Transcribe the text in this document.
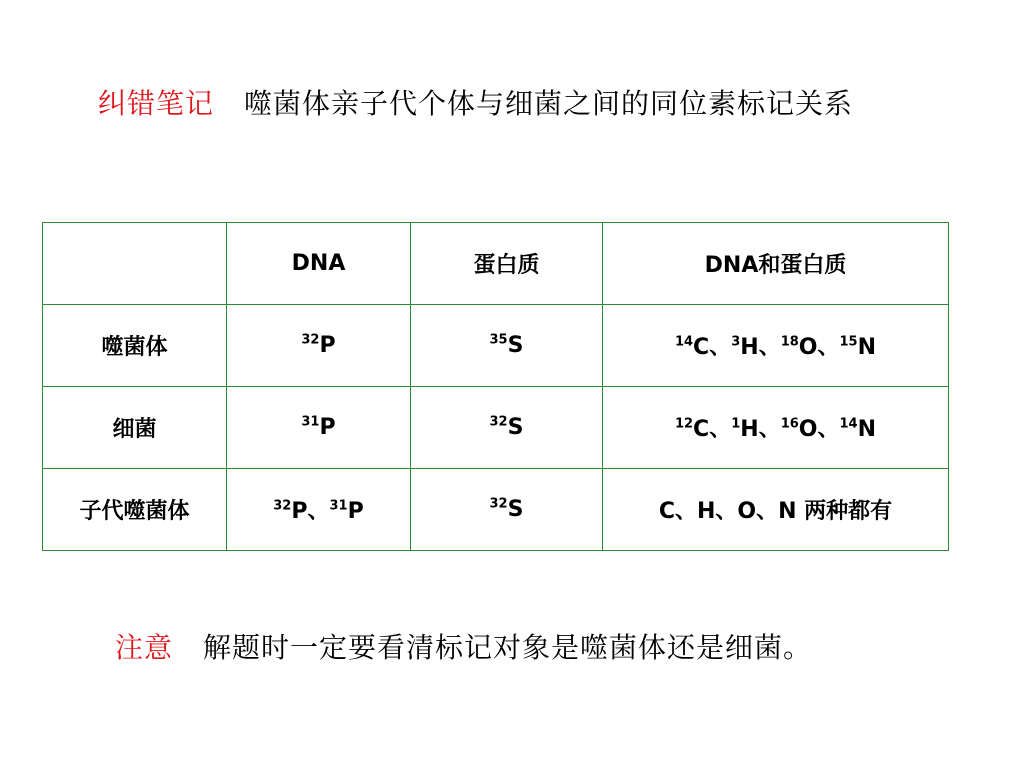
纠错笔记 噬菌体亲子代个体与细菌之间的同位素标记关系
	DNA	蛋白质	DNA和蛋白质
噬菌体	$^{32}$P	$^{35}$S	$^{14}$C、$^3$H、$^{18}$O、$^{15}$N
细菌	$^{31}$P	$^{32}$S	$^{12}$C、$^1$H、$^{16}$O、$^{14}$N
子代噬菌体	$^{32}$P、$^{31}$P	$^{32}$S	C、H、O、N 两种都有
注意 解题时一定要看清标记对象是噬菌体还是细菌。
